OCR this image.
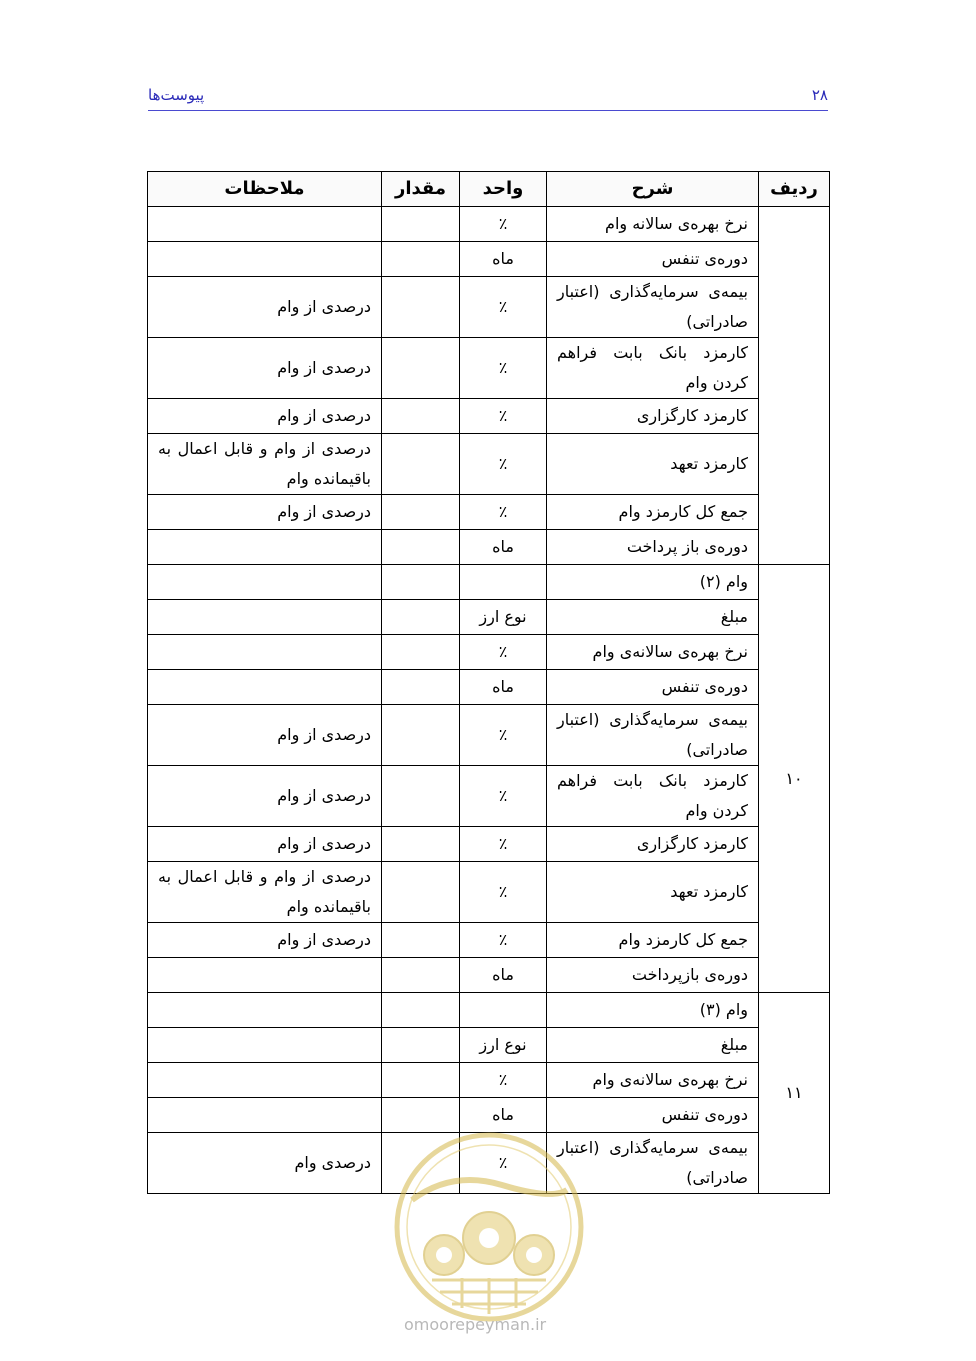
پیوست‌ها	۲۸
ردیف	شرح	واحد	مقدار	ملاحظات
	نرخ بهره‌ی سالانه وام	٪		
	دوره‌ی تنفس	ماه		
	بیمه‌ی سرمایه‌گذاری (اعتبار صادراتی)	٪		درصدی از وام
	کارمزد بانک بابت فراهم کردن وام	٪		درصدی از وام
	کارمزد کارگزاری	٪		درصدی از وام
	کارمزد تعهد	٪		درصدی از وام و قابل اعمال به باقیمانده وام
	جمع کل کارمزد وام	٪		درصدی از وام
	دوره‌ی باز پرداخت	ماه		
۱۰	وام (۲)			
	مبلغ	نوع ارز		
	نرخ بهره‌ی سالانه‌ی وام	٪		
	دوره‌ی تنفس	ماه		
	بیمه‌ی سرمایه‌گذاری (اعتبار صادراتی)	٪		درصدی از وام
	کارمزد بانک بابت فراهم کردن وام	٪		درصدی از وام
	کارمزد کارگزاری	٪		درصدی از وام
	کارمزد تعهد	٪		درصدی از وام و قابل اعمال به باقیمانده وام
	جمع کل کارمزد وام	٪		درصدی از وام
	دوره‌ی بازپرداخت	ماه		
۱۱	وام (۳)			
	مبلغ	نوع ارز		
	نرخ بهره‌ی سالانه‌ی وام	٪		
	دوره‌ی تنفس	ماه		
	بیمه‌ی سرمایه‌گذاری (اعتبار صادراتی)	٪		درصدی وام
omoorepeyman.ir
